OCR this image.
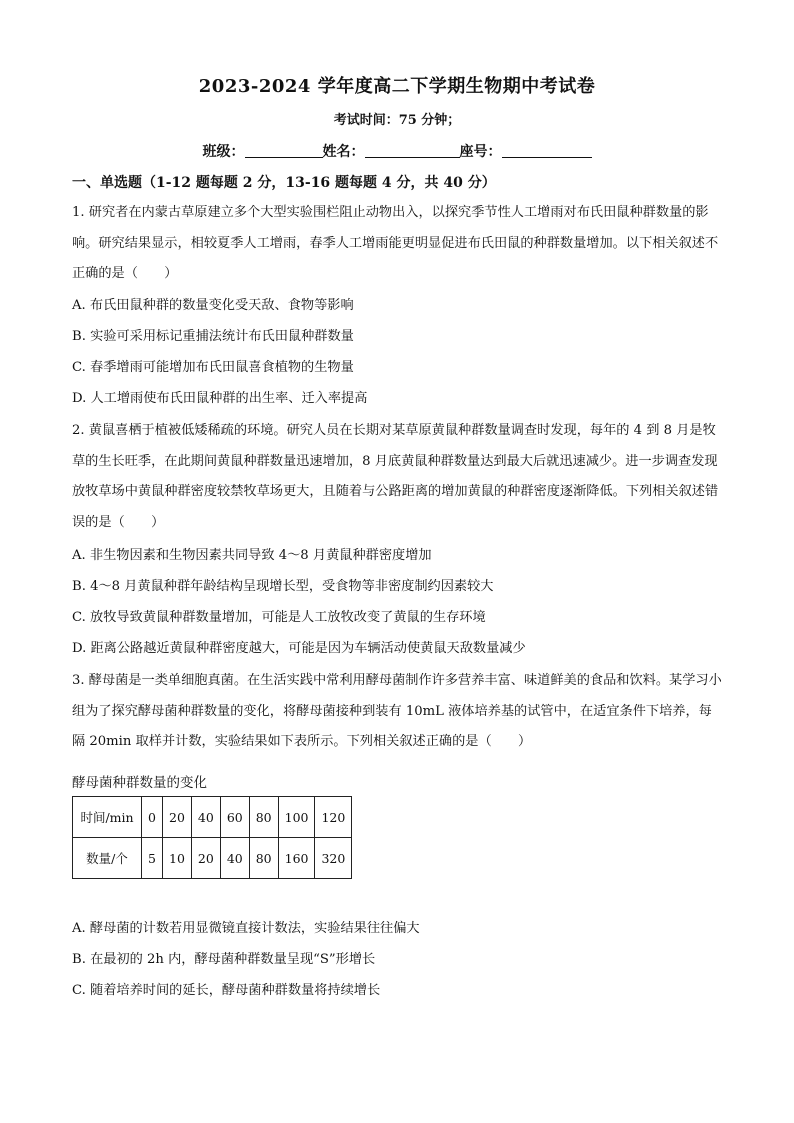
2023-2024 学年度高二下学期生物期中考试卷
考试时间：75 分钟；
班级：	姓名：	座号：
一、单选题（1-12 题每题 2 分，13-16 题每题 4 分，共 40 分）
1. 研究者在内蒙古草原建立多个大型实验围栏阻止动物出入，以探究季节性人工增雨对布氏田鼠种群数量的影响。研究结果显示，相较夏季人工增雨，春季人工增雨能更明显促进布氏田鼠的种群数量增加。以下相关叙述不正确的是（　　）
A. 布氏田鼠种群的数量变化受天敌、食物等影响
B. 实验可采用标记重捕法统计布氏田鼠种群数量
C. 春季增雨可能增加布氏田鼠喜食植物的生物量
D. 人工增雨使布氏田鼠种群的出生率、迁入率提高
2. 黄鼠喜栖于植被低矮稀疏的环境。研究人员在长期对某草原黄鼠种群数量调查时发现，每年的 4 到 8 月是牧草的生长旺季，在此期间黄鼠种群数量迅速增加，8 月底黄鼠种群数量达到最大后就迅速减少。进一步调查发现放牧草场中黄鼠种群密度较禁牧草场更大，且随着与公路距离的增加黄鼠的种群密度逐渐降低。下列相关叙述错误的是（　　）
A. 非生物因素和生物因素共同导致 4～8 月黄鼠种群密度增加
B. 4～8 月黄鼠种群年龄结构呈现增长型，受食物等非密度制约因素较大
C. 放牧导致黄鼠种群数量增加，可能是人工放牧改变了黄鼠的生存环境
D. 距离公路越近黄鼠种群密度越大，可能是因为车辆活动使黄鼠天敌数量减少
3. 酵母菌是一类单细胞真菌。在生活实践中常利用酵母菌制作许多营养丰富、味道鲜美的食品和饮料。某学习小组为了探究酵母菌种群数量的变化，将酵母菌接种到装有 10mL 液体培养基的试管中，在适宜条件下培养，每隔 20min 取样并计数，实验结果如下表所示。下列相关叙述正确的是（　　）
酵母菌种群数量的变化
时间/min	0	20	40	60	80	100	120
数量/个	5	10	20	40	80	160	320
A. 酵母菌的计数若用显微镜直接计数法，实验结果往往偏大
B. 在最初的 2h 内，酵母菌种群数量呈现“S”形增长
C. 随着培养时间的延长，酵母菌种群数量将持续增长
